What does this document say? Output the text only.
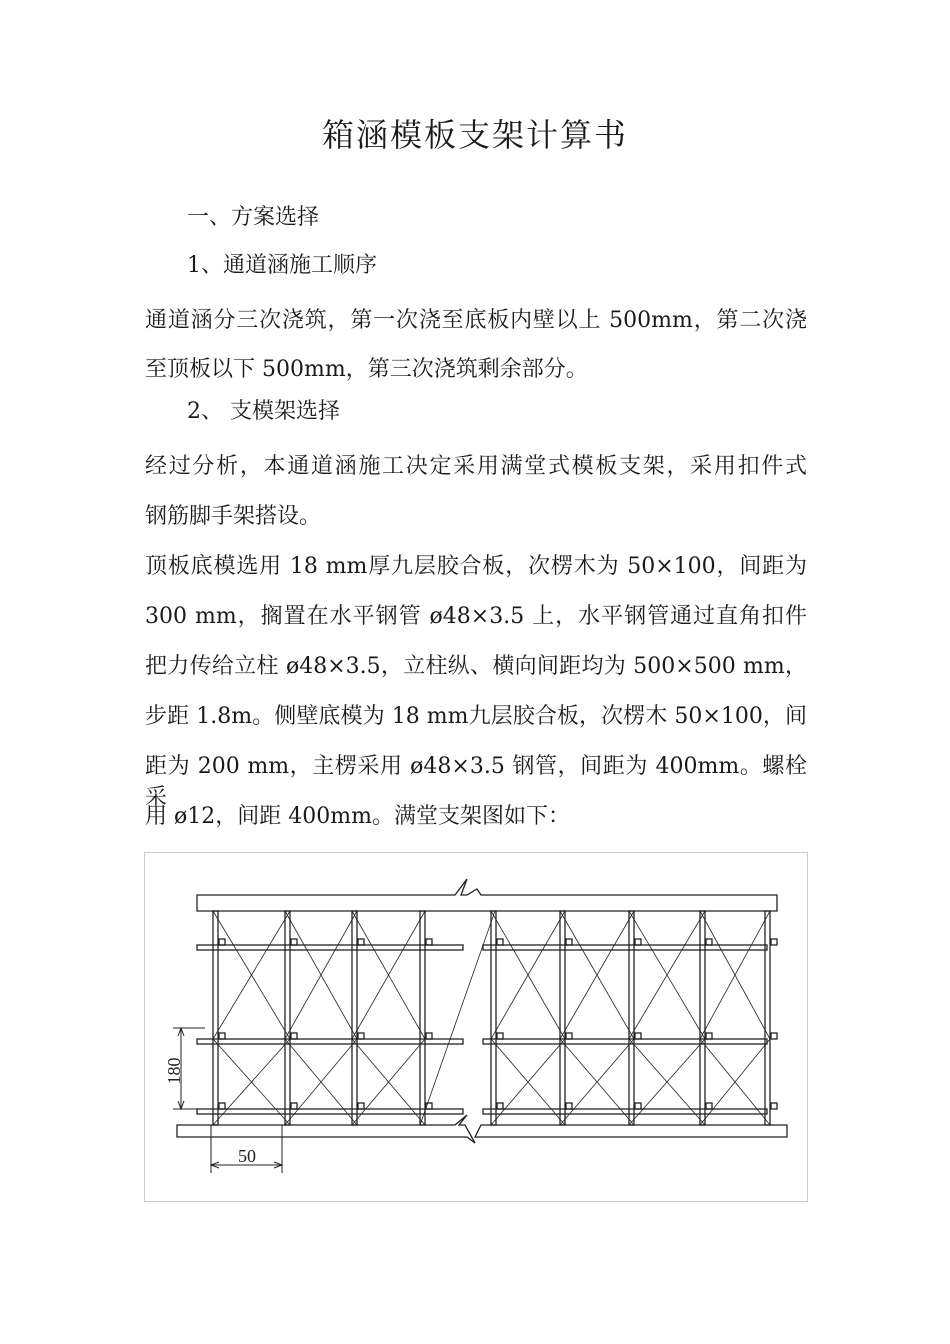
箱涵模板支架计算书
一、方案选择
1、通道涵施工顺序
通道涵分三次浇筑，第一次浇至底板内壁以上 500mm，第二次浇
至顶板以下 500mm，第三次浇筑剩余部分。
2、 支模架选择
经过分析，本通道涵施工决定采用满堂式模板支架，采用扣件式
钢筋脚手架搭设。
顶板底模选用 18 mm厚九层胶合板，次楞木为 50×100，间距为
300 mm，搁置在水平钢管 ø48×3.5 上，水平钢管通过直角扣件
把力传给立柱 ø48×3.5，立柱纵、横向间距均为 500×500 mm，
步距 1.8m。侧壁底模为 18 mm九层胶合板，次楞木 50×100，间
距为 200 mm，主楞采用 ø48×3.5 钢管，间距为 400mm。螺栓采
用 ø12，间距 400mm。满堂支架图如下：
180
50
